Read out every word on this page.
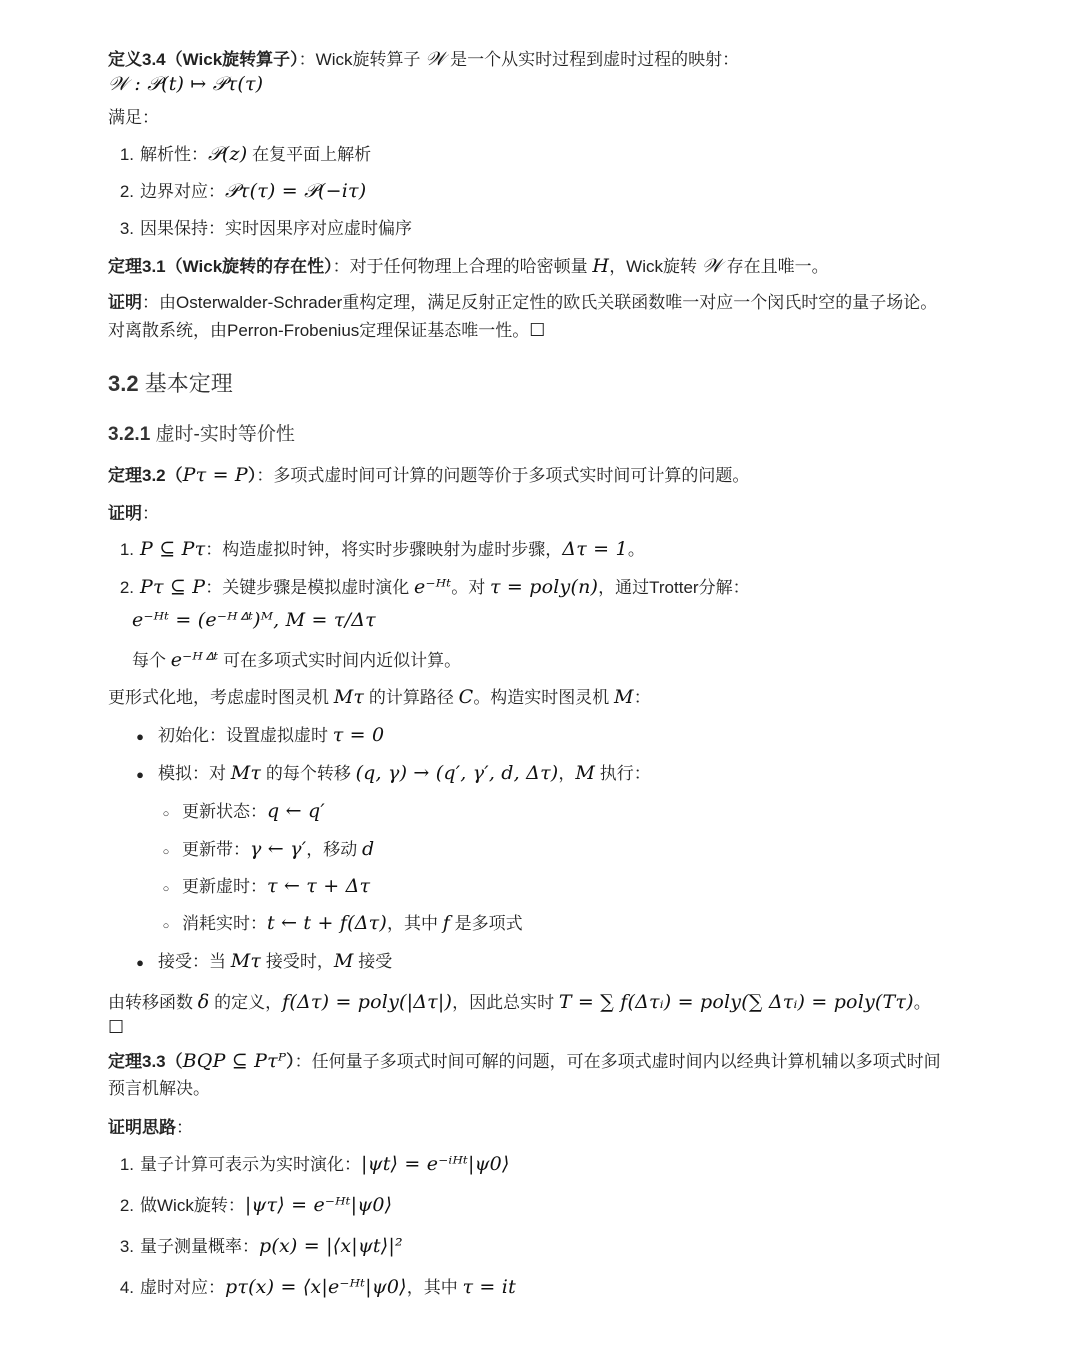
定义3.4（Wick旋转算子）：Wick旋转算子 𝒲 是一个从实时过程到虚时过程的映射：
𝒲 : 𝒫(t) ↦ 𝒫τ(τ)
满足：
1. 解析性：𝒫(z) 在复平面上解析
2. 边界对应：𝒫τ(τ) = 𝒫(−iτ)
3. 因果保持：实时因果序对应虚时偏序
定理3.1（Wick旋转的存在性）：对于任何物理上合理的哈密顿量 H，Wick旋转 𝒲 存在且唯一。
证明：由Osterwalder-Schrader重构定理，满足反射正定性的欧氏关联函数唯一对应一个闵氏时空的量子场论。
对离散系统，由Perron-Frobenius定理保证基态唯一性。☐
3.2 基本定理
3.2.1 虚时-实时等价性
定理3.2（Pτ = P）：多项式虚时间可计算的问题等价于多项式实时间可计算的问题。
证明：
1. P ⊆ Pτ：构造虚拟时钟，将实时步骤映射为虚时步骤，Δτ = 1。
2. Pτ ⊆ P：关键步骤是模拟虚时演化 e⁻ᴴᵗ。对 τ = poly(n)，通过Trotter分解：
e⁻ᴴᵗ = (e⁻ᴴᐞᵗ)ᴹ, M = τ/Δτ
每个 e⁻ᴴᐞᵗ 可在多项式实时间内近似计算。
更形式化地，考虑虚时图灵机 Mτ 的计算路径 C。构造实时图灵机 M：
● 初始化：设置虚拟虚时 τ = 0
● 模拟：对 Mτ 的每个转移 (q, γ) → (q′, γ′, d, Δτ)，M 执行：
○ 更新状态：q ← q′
○ 更新带：γ ← γ′，移动 d
○ 更新虚时：τ ← τ + Δτ
○ 消耗实时：t ← t + f(Δτ)，其中 f 是多项式
● 接受：当 Mτ 接受时，M 接受
由转移函数 δ 的定义，f(Δτ) = poly(|Δτ|)，因此总实时 T = ∑ f(Δτᵢ) = poly(∑ Δτᵢ) = poly(Tτ)。
☐
定理3.3（BQP ⊆ Pτᴾ）：任何量子多项式时间可解的问题，可在多项式虚时间内以经典计算机辅以多项式时间
预言机解决。
证明思路：
1. 量子计算可表示为实时演化：|ψt⟩ = e⁻ⁱᴴᵗ|ψ0⟩
2. 做Wick旋转：|ψτ⟩ = e⁻ᴴᵗ|ψ0⟩
3. 量子测量概率：p(x) = |⟨x|ψt⟩|²
4. 虚时对应：pτ(x) = ⟨x|e⁻ᴴᵗ|ψ0⟩，其中 τ = it
